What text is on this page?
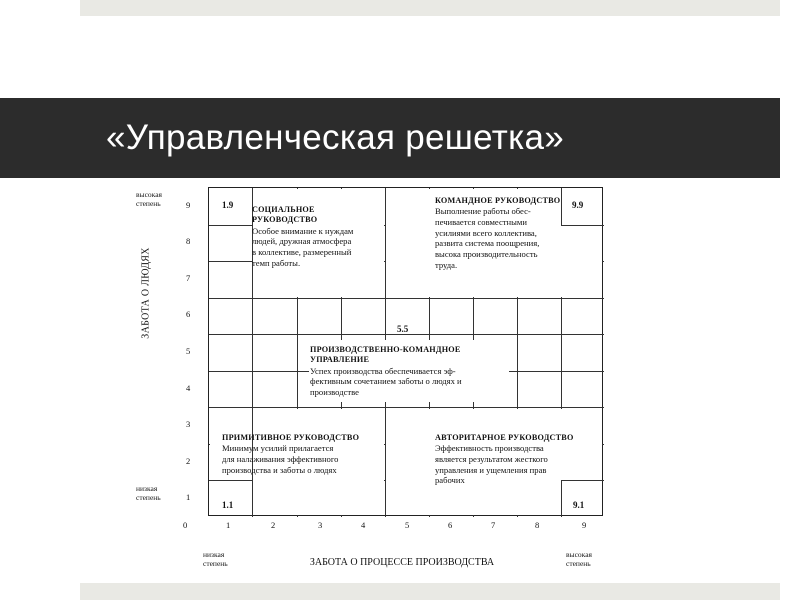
«Управленческая решетка»
ЗАБОТА О ЛЮДЯХ
высокая
степень
низкая
степень
9
8
7
6
5
4
3
2
1
1.9	9.9
5.5
1.1	9.1
СОЦИАЛЬНОЕ
РУКОВОДСТВО
Особое внимание к нуждам
людей, дружная атмосфера
в коллективе, размеренный
темп работы.
КОМАНДНОЕ РУКОВОДСТВО
Выполнение работы обес-
печивается совместными
усилиями всего коллектива,
развита система поощрения,
высока производительность
труда.
ПРОИЗВОДСТВЕННО-КОМАНДНОЕ
УПРАВЛЕНИЕ
Успех производства обеспечивается эф-
фективным сочетанием заботы о людях и
производстве
ПРИМИТИВНОЕ РУКОВОДСТВО
Минимум усилий прилагается
для налаживания эффективного
производства и заботы о людях
АВТОРИТАРНОЕ РУКОВОДСТВО
Эффективность производства
является результатом жесткого
управления и ущемления прав
рабочих
0	1	2	3	4	5	6	7	8	9
низкая
степень	ЗАБОТА О ПРОЦЕССЕ ПРОИЗВОДСТВА
высокая
степень
